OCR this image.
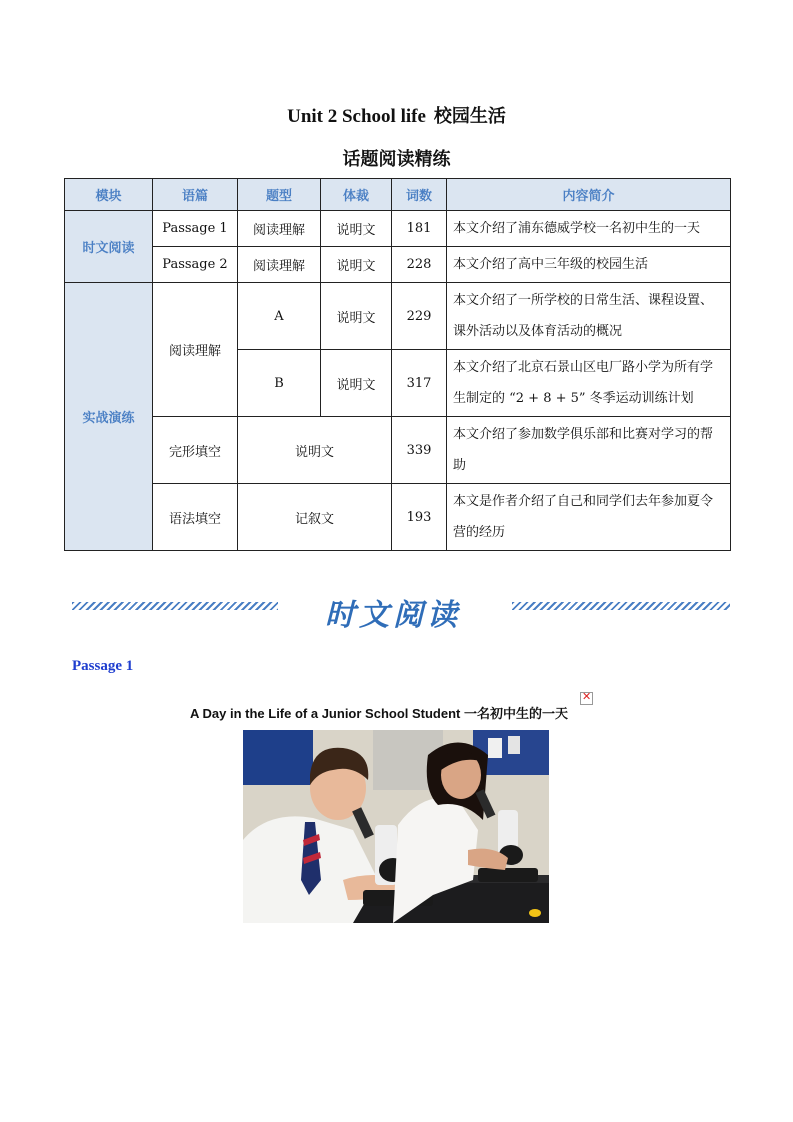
Unit 2 School life 校园生活
话题阅读精练
模块	语篇	题型	体裁	词数	内容简介
时文阅读	Passage 1	阅读理解	说明文	181	本文介绍了浦东德威学校一名初中生的一天
	Passage 2	阅读理解	说明文	228	本文介绍了高中三年级的校园生活
实战演练	阅读理解	A	说明文	229	本文介绍了一所学校的日常生活、课程设置、课外活动以及体育活动的概况
		B	说明文	317	本文介绍了北京石景山区电厂路小学为所有学生制定的 “2 + 8 + 5” 冬季运动训练计划
	完形填空	说明文		339	本文介绍了参加数学俱乐部和比赛对学习的帮助
	语法填空	记叙文		193	本文是作者介绍了自己和同学们去年参加夏令营的经历
时文阅读
Passage 1
A Day in the Life of a Junior School Student 一名初中生的一天
✕
